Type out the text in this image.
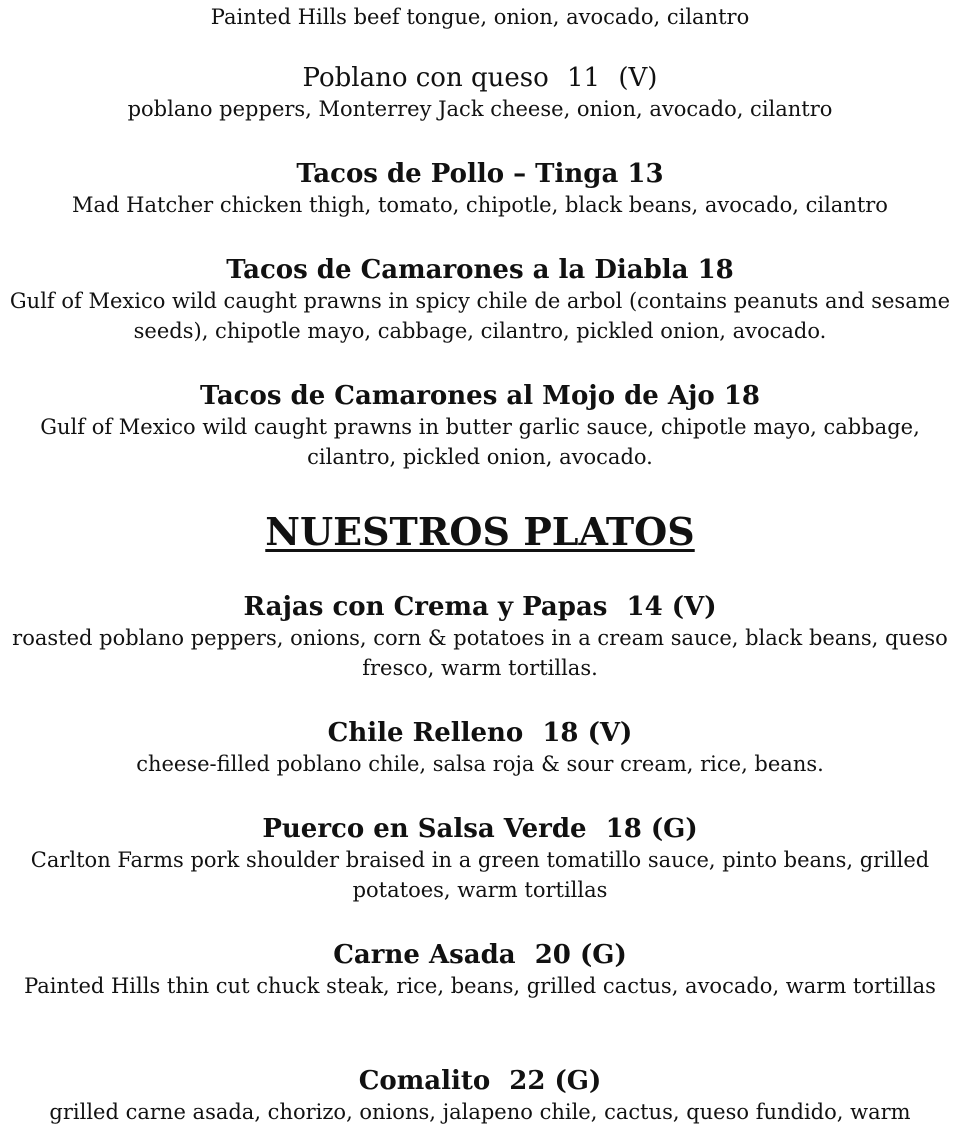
Painted Hills beef tongue, onion, avocado, cilantro
Poblano con queso 11 (V)
poblano peppers, Monterrey Jack cheese, onion, avocado, cilantro
Tacos de Pollo – Tinga 13
Mad Hatcher chicken thigh, tomato, chipotle, black beans, avocado, cilantro
Tacos de Camarones a la Diabla 18
Gulf of Mexico wild caught prawns in spicy chile de arbol (contains peanuts and sesame seeds), chipotle mayo, cabbage, cilantro, pickled onion, avocado.
Tacos de Camarones al Mojo de Ajo 18
Gulf of Mexico wild caught prawns in butter garlic sauce, chipotle mayo, cabbage, cilantro, pickled onion, avocado.
NUESTROS PLATOS
Rajas con Crema y Papas 14 (V)
roasted poblano peppers, onions, corn & potatoes in a cream sauce, black beans, queso fresco, warm tortillas.
Chile Relleno 18 (V)
cheese-filled poblano chile, salsa roja & sour cream, rice, beans.
Puerco en Salsa Verde 18 (G)
Carlton Farms pork shoulder braised in a green tomatillo sauce, pinto beans, grilled potatoes, warm tortillas
Carne Asada 20 (G)
Painted Hills thin cut chuck steak, rice, beans, grilled cactus, avocado, warm tortillas
Comalito 22 (G)
grilled carne asada, chorizo, onions, jalapeno chile, cactus, queso fundido, warm
